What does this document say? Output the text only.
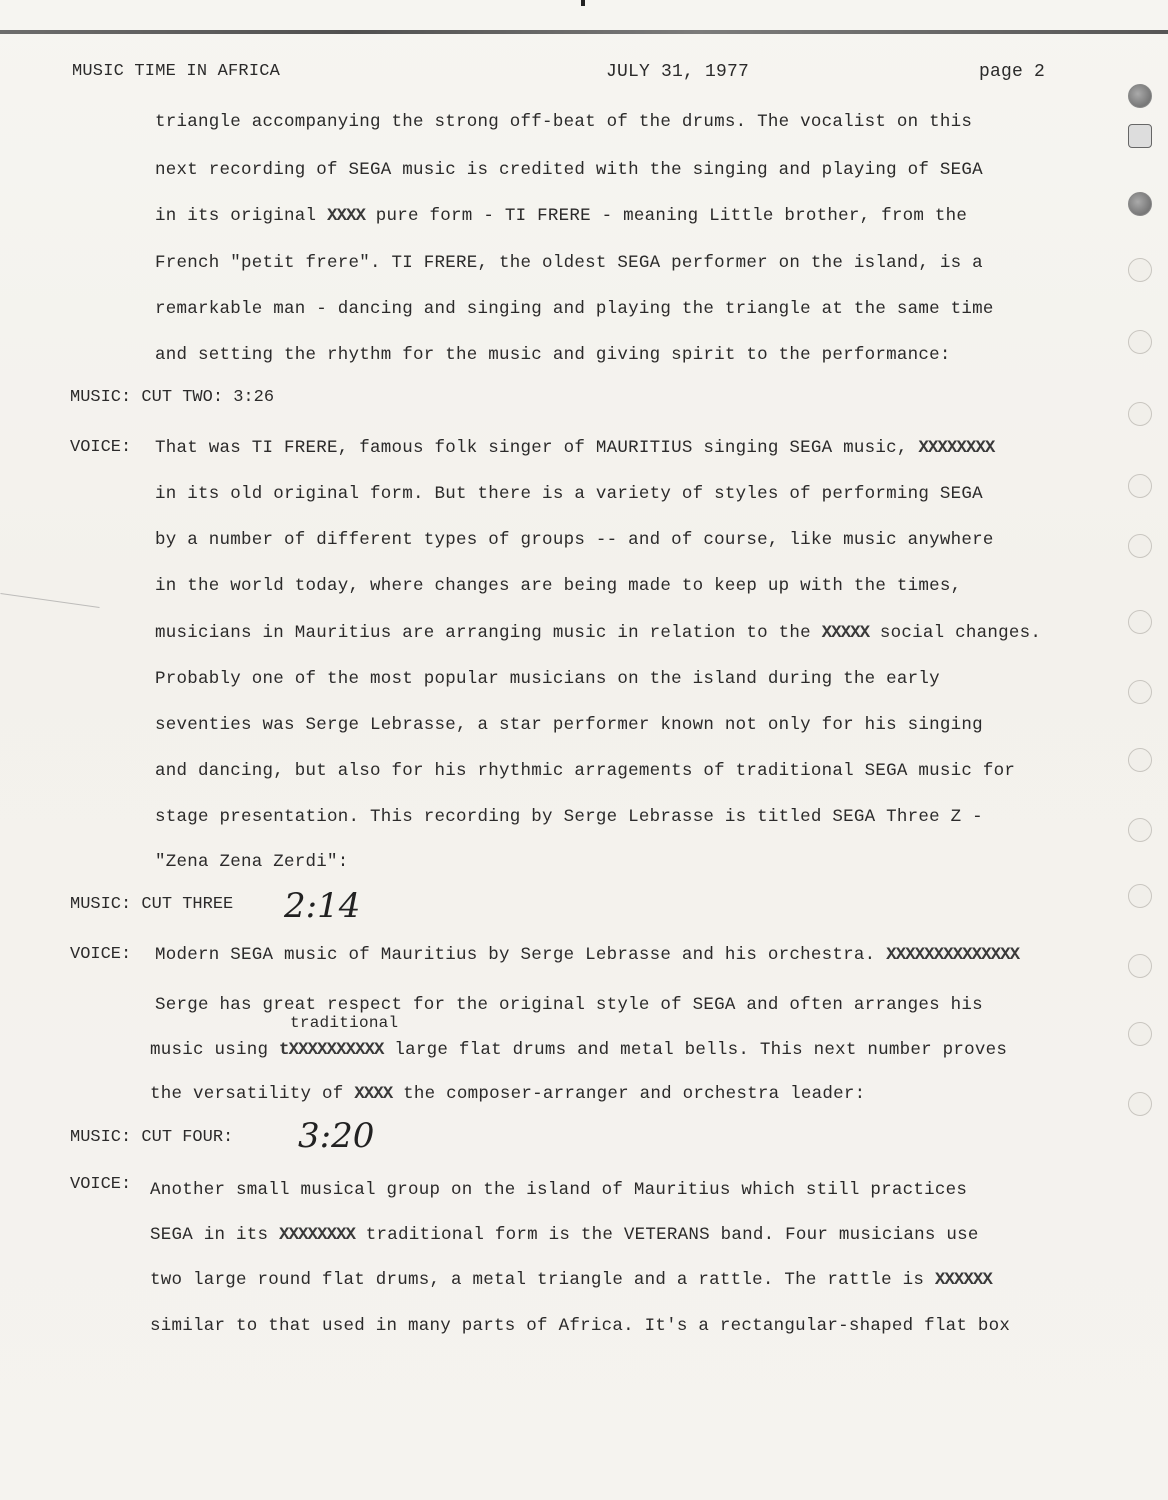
MUSIC TIME IN AFRICA	JULY 31, 1977	page 2
triangle accompanying the strong off-beat of the drums. The vocalist on this
next recording of SEGA music is credited with the singing and playing of SEGA
in its original XXXX pure form - TI FRERE - meaning Little brother, from the
French "petit frere". TI FRERE, the oldest SEGA performer on the island, is a
remarkable man - dancing and singing and playing the triangle at the same time
and setting the rhythm for the music and giving spirit to the performance:
MUSIC: CUT TWO: 3:26
VOICE: That was TI FRERE, famous folk singer of MAURITIUS singing SEGA music, XXXXXXXX
in its old original form. But there is a variety of styles of performing SEGA
by a number of different types of groups -- and of course, like music anywhere
in the world today, where changes are being made to keep up with the times,
musicians in Mauritius are arranging music in relation to the XXXXX social changes.
Probably one of the most popular musicians on the island during the early
seventies was Serge Lebrasse, a star performer known not only for his singing
and dancing, but also for his rhythmic arragements of traditional SEGA music for
stage presentation. This recording by Serge Lebrasse is titled SEGA Three Z -
"Zena Zena Zerdi":
MUSIC: CUT THREE 2:14
VOICE: Modern SEGA music of Mauritius by Serge Lebrasse and his orchestra. XXXXXXXXXXXXXX
Serge has great respect for the original style of SEGA and often arranges his
traditional
music using tXXXXXXXXXX large flat drums and metal bells. This next number proves
the versatility of XXXX the composer-arranger and orchestra leader:
MUSIC: CUT FOUR: 3:20
VOICE: Another small musical group on the island of Mauritius which still practices
SEGA in its XXXXXXXX traditional form is the VETERANS band. Four musicians use
two large round flat drums, a metal triangle and a rattle. The rattle is XXXXXX
similar to that used in many parts of Africa. It's a rectangular-shaped flat box
